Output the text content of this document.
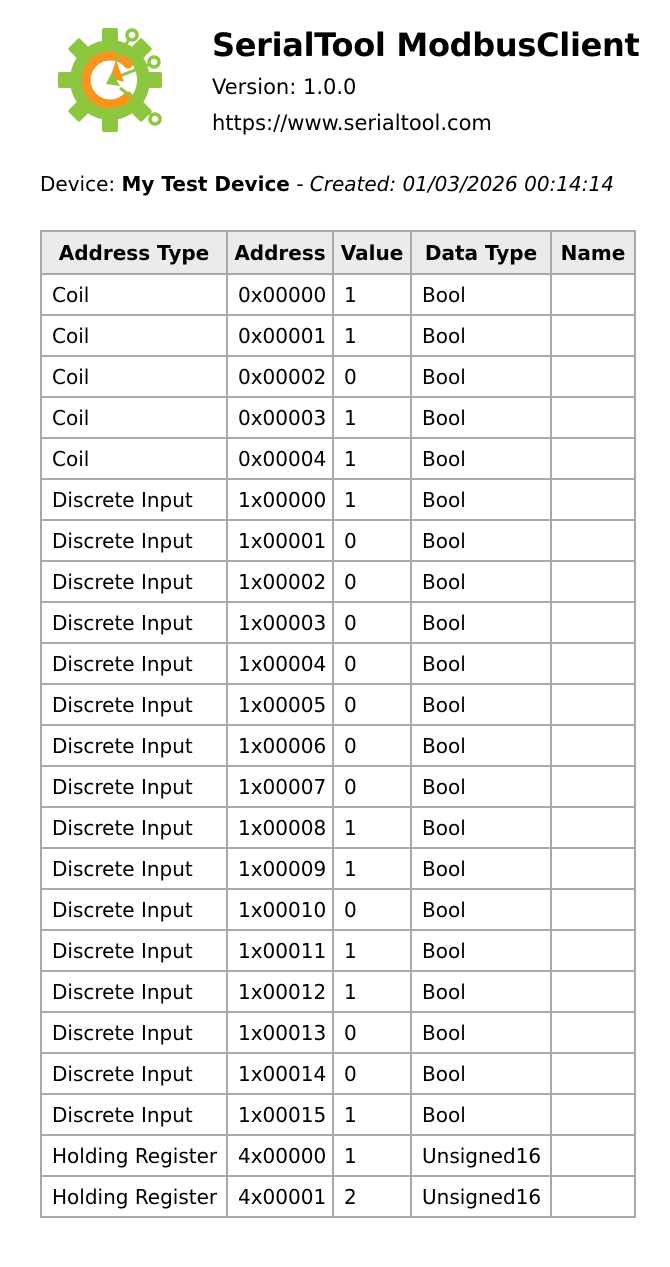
SerialTool ModbusClient
Version: 1.0.0
https://www.serialtool.com
Device: My Test Device - Created: 01/03/2026 00:14:14
Address Type	Address	Value	Data Type	Name
Coil	0x00000	1	Bool	
Coil	0x00001	1	Bool	
Coil	0x00002	0	Bool	
Coil	0x00003	1	Bool	
Coil	0x00004	1	Bool	
Discrete Input	1x00000	1	Bool	
Discrete Input	1x00001	0	Bool	
Discrete Input	1x00002	0	Bool	
Discrete Input	1x00003	0	Bool	
Discrete Input	1x00004	0	Bool	
Discrete Input	1x00005	0	Bool	
Discrete Input	1x00006	0	Bool	
Discrete Input	1x00007	0	Bool	
Discrete Input	1x00008	1	Bool	
Discrete Input	1x00009	1	Bool	
Discrete Input	1x00010	0	Bool	
Discrete Input	1x00011	1	Bool	
Discrete Input	1x00012	1	Bool	
Discrete Input	1x00013	0	Bool	
Discrete Input	1x00014	0	Bool	
Discrete Input	1x00015	1	Bool	
Holding Register	4x00000	1	Unsigned16	
Holding Register	4x00001	2	Unsigned16	
